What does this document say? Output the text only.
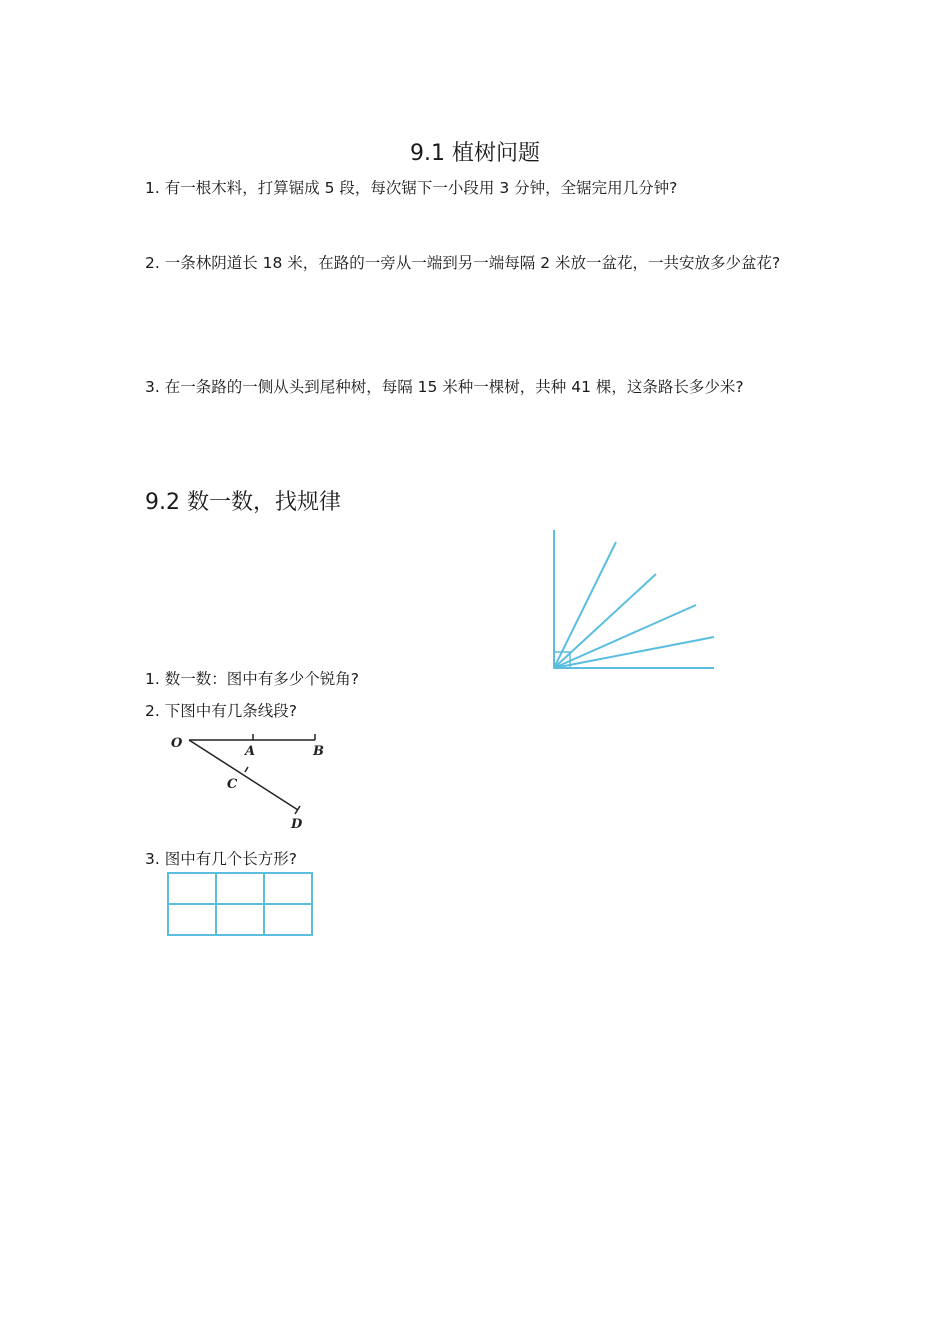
9.1 植树问题
1. 有一根木料，打算锯成 5 段，每次锯下一小段用 3 分钟，全锯完用几分钟?
2. 一条林阴道长 18 米，在路的一旁从一端到另一端每隔 2 米放一盆花，一共安放多少盆花?
3. 在一条路的一侧从头到尾种树，每隔 15 米种一棵树，共种 41 棵，这条路长多少米?
9.2 数一数，找规律
1. 数一数：图中有多少个锐角?
2. 下图中有几条线段?
O
A	B
C
D
3. 图中有几个长方形?
